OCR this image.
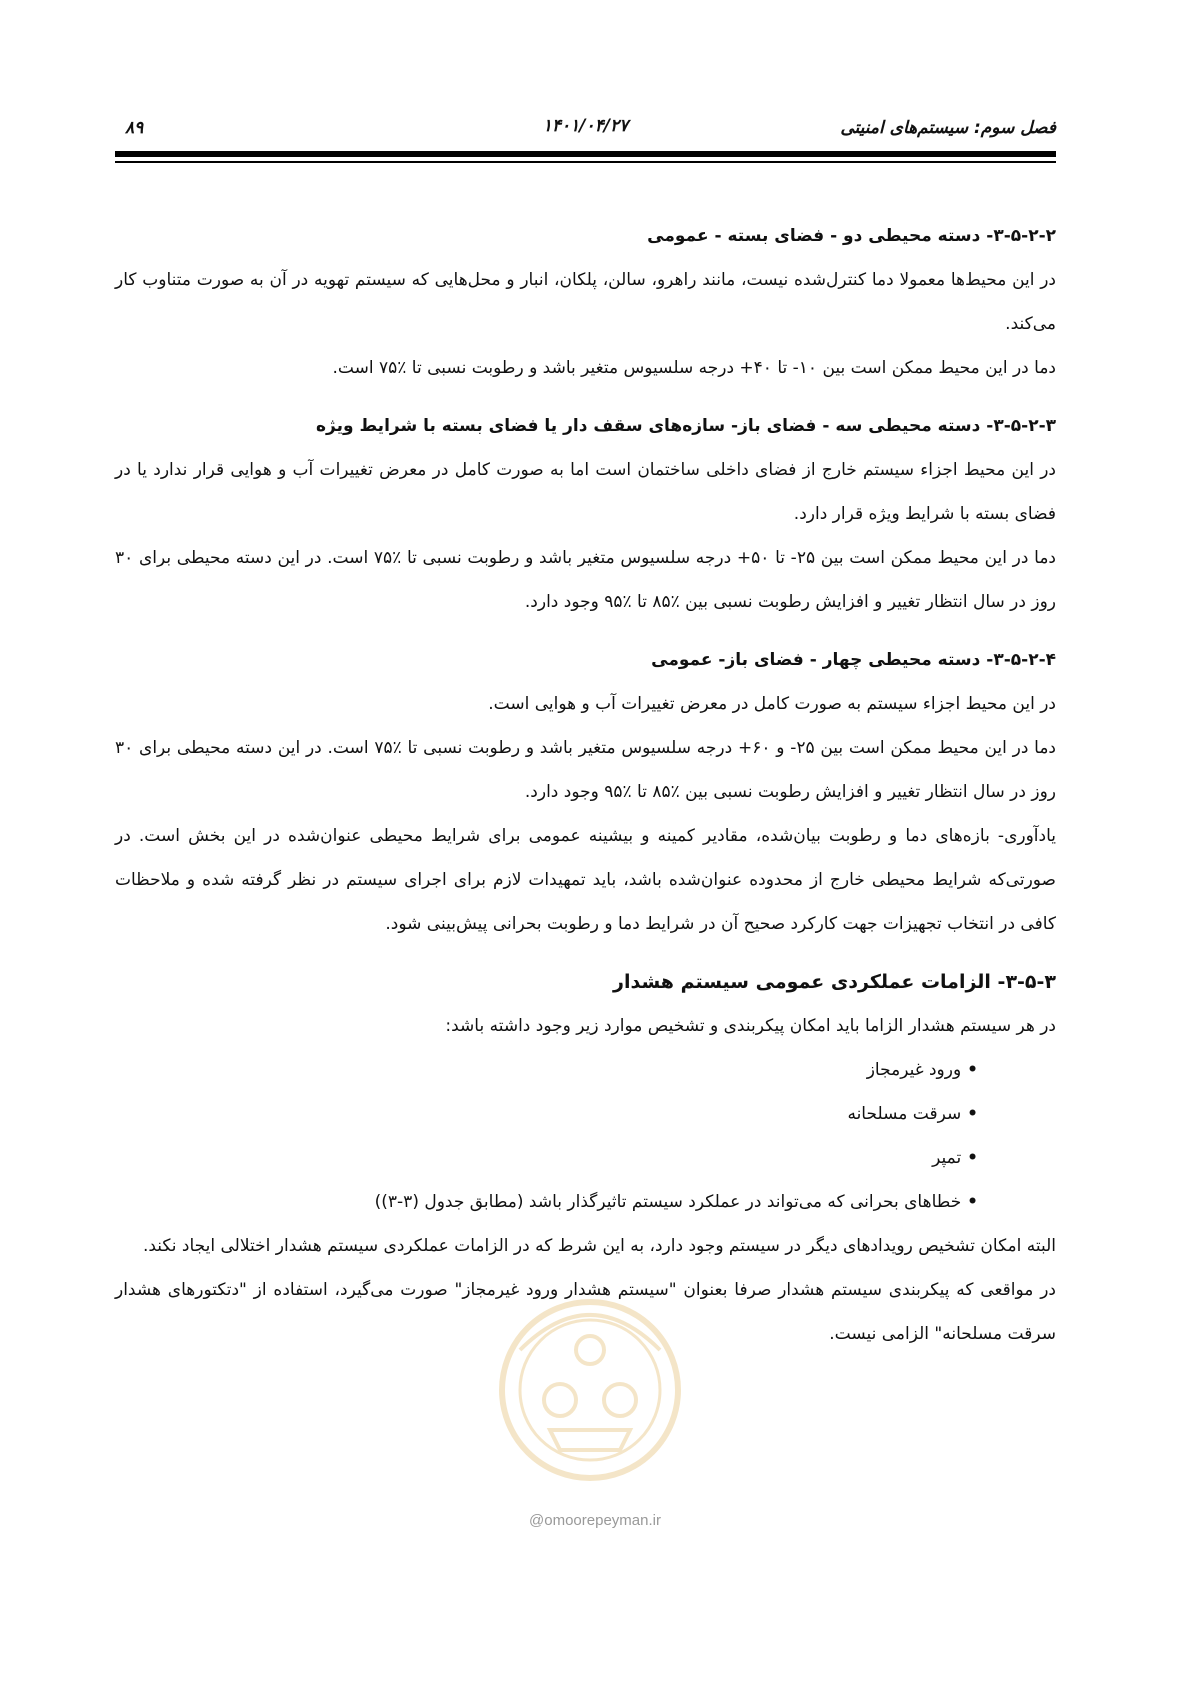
فصل سوم: سیستم‌های امنیتی
۱۴۰۱/۰۴/۲۷
۸۹

۳-۵-۲-۲- دسته محیطی دو - فضای بسته - عمومی

در این محیط‌ها معمولا دما کنترل‌شده نیست، مانند راهرو، سالن، پلکان، انبار و محل‌هایی که سیستم تهویه در آن به صورت متناوب کار می‌کند.

دما در این محیط ممکن است بین ۱۰- تا ۴۰+ درجه سلسیوس متغیر باشد و رطوبت نسبی تا ٪۷۵ است.

۳-۵-۲-۳- دسته محیطی سه - فضای باز- سازه‌های سقف دار یا فضای بسته با شرایط ویژه

در این محیط اجزاء سیستم خارج از فضای داخلی ساختمان است اما به صورت کامل در معرض تغییرات آب و هوایی قرار ندارد یا در فضای بسته با شرایط ویژه قرار دارد.

دما در این محیط ممکن است بین ۲۵- تا ۵۰+ درجه سلسیوس متغیر باشد و رطوبت نسبی تا ٪۷۵ است. در این دسته محیطی برای ۳۰ روز در سال انتظار تغییر و افزایش رطوبت نسبی بین ٪۸۵ تا ٪۹۵ وجود دارد.

۳-۵-۲-۴- دسته محیطی چهار - فضای باز- عمومی

در این محیط اجزاء سیستم به صورت کامل در معرض تغییرات آب و هوایی است.

دما در این محیط ممکن است بین ۲۵- و ۶۰+ درجه سلسیوس متغیر باشد و رطوبت نسبی تا ٪۷۵ است. در این دسته محیطی برای ۳۰ روز در سال انتظار تغییر و افزایش رطوبت نسبی بین ٪۸۵ تا ٪۹۵ وجود دارد.

یادآوری- بازه‌های دما و رطوبت بیان‌شده، مقادیر کمینه و بیشینه عمومی برای شرایط محیطی عنوان‌شده در این بخش است. در صورتی‌که شرایط محیطی خارج از محدوده عنوان‌شده باشد، باید تمهیدات لازم برای اجرای سیستم در نظر گرفته شده و ملاحظات کافی در انتخاب تجهیزات جهت کارکرد صحیح آن در شرایط دما و رطوبت بحرانی پیش‌بینی شود.

۳-۵-۳- الزامات عملکردی عمومی سیستم هشدار

در هر سیستم هشدار الزاما باید امکان پیکربندی و تشخیص موارد زیر وجود داشته باشد:

• ورود غیرمجاز
• سرقت مسلحانه
• تمپر
• خطاهای بحرانی که می‌تواند در عملکرد سیستم تاثیرگذار باشد (مطابق جدول (۳-۳))

البته امکان تشخیص رویدادهای دیگر در سیستم وجود دارد، به این شرط که در الزامات عملکردی سیستم هشدار اختلالی ایجاد نکند.

در مواقعی که پیکربندی سیستم هشدار صرفا بعنوان "سیستم هشدار ورود غیرمجاز" صورت می‌گیرد، استفاده از "دتکتورهای هشدار سرقت مسلحانه" الزامی نیست.

@omoorepeyman.ir
